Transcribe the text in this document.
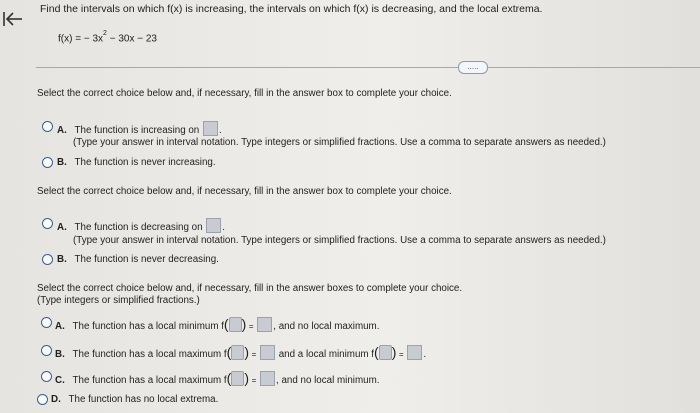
Find the intervals on which f(x) is increasing, the intervals on which f(x) is decreasing, and the local extrema.
f(x) = − $3x^2 - 30x - 23$
.....
Select the correct choice below and, if necessary, fill in the answer box to complete your choice.
A. The function is increasing on .
(Type your answer in interval notation. Type integers or simplified fractions. Use a comma to separate answers as needed.)
B. The function is never increasing.
Select the correct choice below and, if necessary, fill in the answer box to complete your choice.
A. The function is decreasing on .
(Type your answer in interval notation. Type integers or simplified fractions. Use a comma to separate answers as needed.)
B. The function is never decreasing.
Select the correct choice below and, if necessary, fill in the answer boxes to complete your choice.
(Type integers or simplified fractions.)
A. The function has a local minimum f( ) = , and no local maximum.
B. The function has a local maximum f( ) = and a local minimum f( ) = .
C. The function has a local maximum f( ) = , and no local minimum.
D. The function has no local extrema.
